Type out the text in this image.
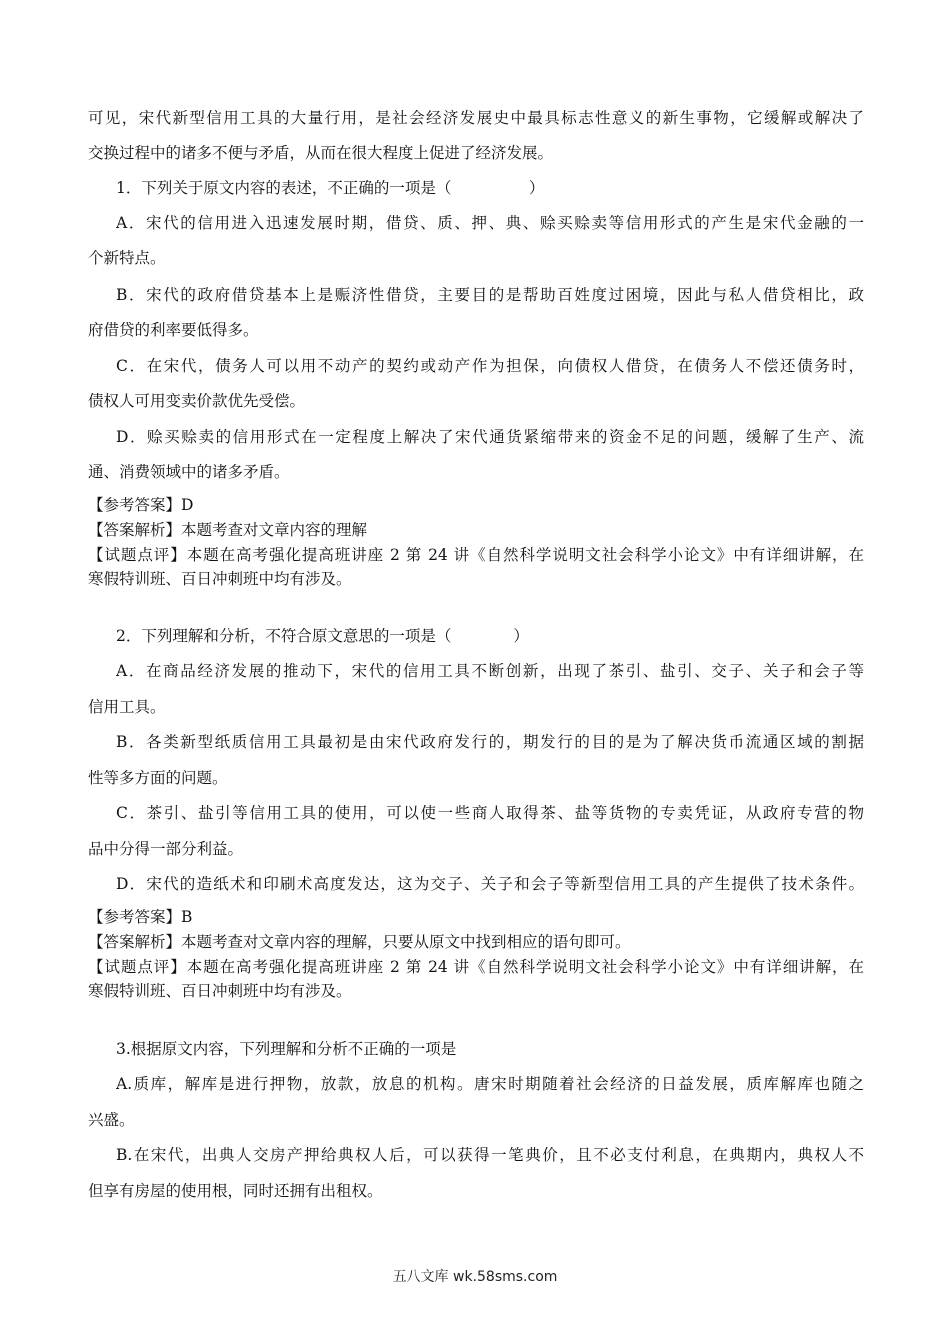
可见，宋代新型信用工具的大量行用，是社会经济发展史中最具标志性意义的新生事物，它缓解或解决了
交换过程中的诸多不便与矛盾，从而在很大程度上促进了经济发展。
1．下列关于原文内容的表述，不正确的一项是（　　　　　）
A．宋代的信用进入迅速发展时期，借贷、质、押、典、赊买赊卖等信用形式的产生是宋代金融的一
个新特点。
B．宋代的政府借贷基本上是赈济性借贷，主要目的是帮助百姓度过困境，因此与私人借贷相比，政
府借贷的利率要低得多。
C．在宋代，债务人可以用不动产的契约或动产作为担保，向债权人借贷，在债务人不偿还债务时，
债权人可用变卖价款优先受偿。
D．赊买赊卖的信用形式在一定程度上解决了宋代通货紧缩带来的资金不足的问题，缓解了生产、流
通、消费领域中的诸多矛盾。
【参考答案】D
【答案解析】本题考查对文章内容的理解
【试题点评】本题在高考强化提高班讲座 2 第 24 讲《自然科学说明文社会科学小论文》中有详细讲解，在
寒假特训班、百日冲刺班中均有涉及。
2．下列理解和分析，不符合原文意思的一项是（　　　　）
A．在商品经济发展的推动下，宋代的信用工具不断创新，出现了茶引、盐引、交子、关子和会子等
信用工具。
B．各类新型纸质信用工具最初是由宋代政府发行的，期发行的目的是为了解决货币流通区域的割据
性等多方面的问题。
C．茶引、盐引等信用工具的使用，可以使一些商人取得茶、盐等货物的专卖凭证，从政府专营的物
品中分得一部分利益。
D．宋代的造纸术和印刷术高度发达，这为交子、关子和会子等新型信用工具的产生提供了技术条件。
【参考答案】B
【答案解析】本题考查对文章内容的理解，只要从原文中找到相应的语句即可。
【试题点评】本题在高考强化提高班讲座 2 第 24 讲《自然科学说明文社会科学小论文》中有详细讲解，在
寒假特训班、百日冲刺班中均有涉及。
3.根据原文内容，下列理解和分析不正确的一项是
A.质库，解库是进行押物，放款，放息的机构。唐宋时期随着社会经济的日益发展，质库解库也随之
兴盛。
B.在宋代，出典人交房产押给典权人后，可以获得一笔典价，且不必支付利息，在典期内，典权人不
但享有房屋的使用根，同时还拥有出租权。
五八文库 wk.58sms.com
